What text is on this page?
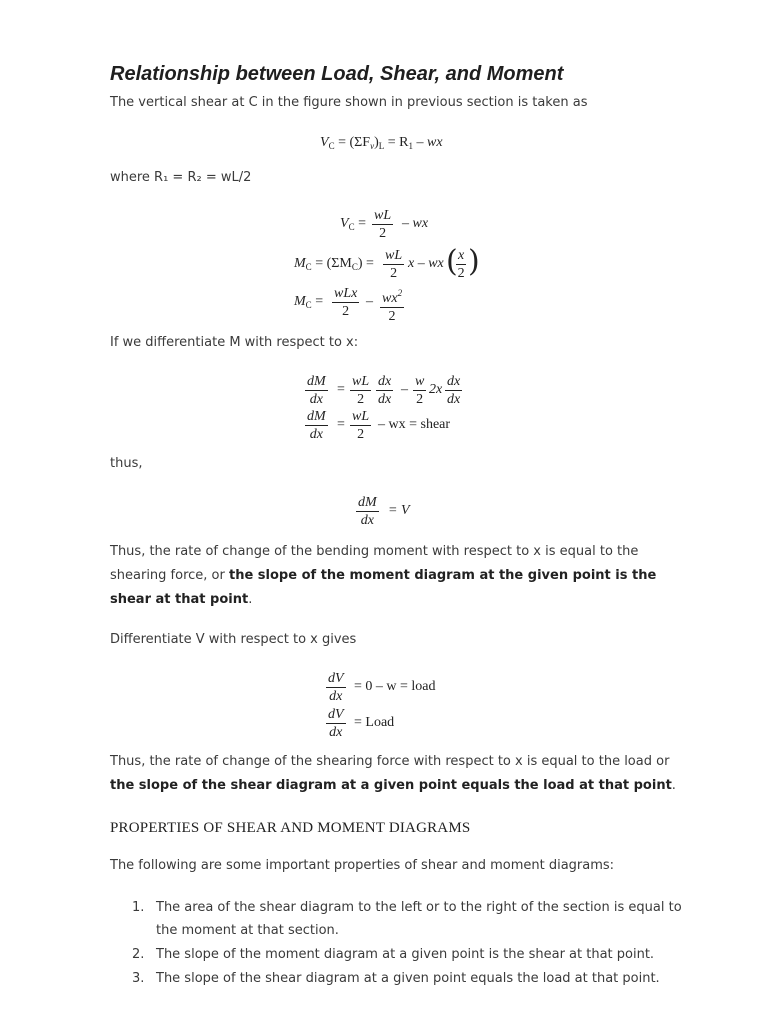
Relationship between Load, Shear, and Moment
The vertical shear at C in the figure shown in previous section is taken as
$V_C = (\Sigma F_v)_L = R_1$ – wx
where R₁ = R₂ = wL/2
$V_C = \frac{wL}{2}$ – wx
$M_C = (\Sigma M_C) = \frac{wL}{2}$ x – wx (
$\frac{x}{2}$ )
$M_C$ =
wLx
2
– $\frac{wx^2}{2}$
If we differentiate M with respect to x:
$\frac{dM}{dx} = \frac{wL}{2} \frac{dx}{dx} - \frac{w}{2} 2x \frac{dx}{dx}$
$\frac{dM}{dx} = \frac{wL}{2}$ – wx = shear
thus,
$\frac{dM}{dx} = V$
Thus, the rate of change of the bending moment with respect to x is equal to the
shearing force, or the slope of the moment diagram at the given point is the
shear at that point.
Differentiate V with respect to x gives
$\frac{dV}{dx} = 0 - w$ = load
$\frac{dV}{dx}$ = Load
Thus, the rate of change of the shearing force with respect to x is equal to the load or
the slope of the shear diagram at a given point equals the load at that point.
PROPERTIES OF SHEAR AND MOMENT DIAGRAMS
The following are some important properties of shear and moment diagrams:
1. The area of the shear diagram to the left or to the right of the section is equal to
the moment at that section.
2. The slope of the moment diagram at a given point is the shear at that point.
3. The slope of the shear diagram at a given point equals the load at that point.
